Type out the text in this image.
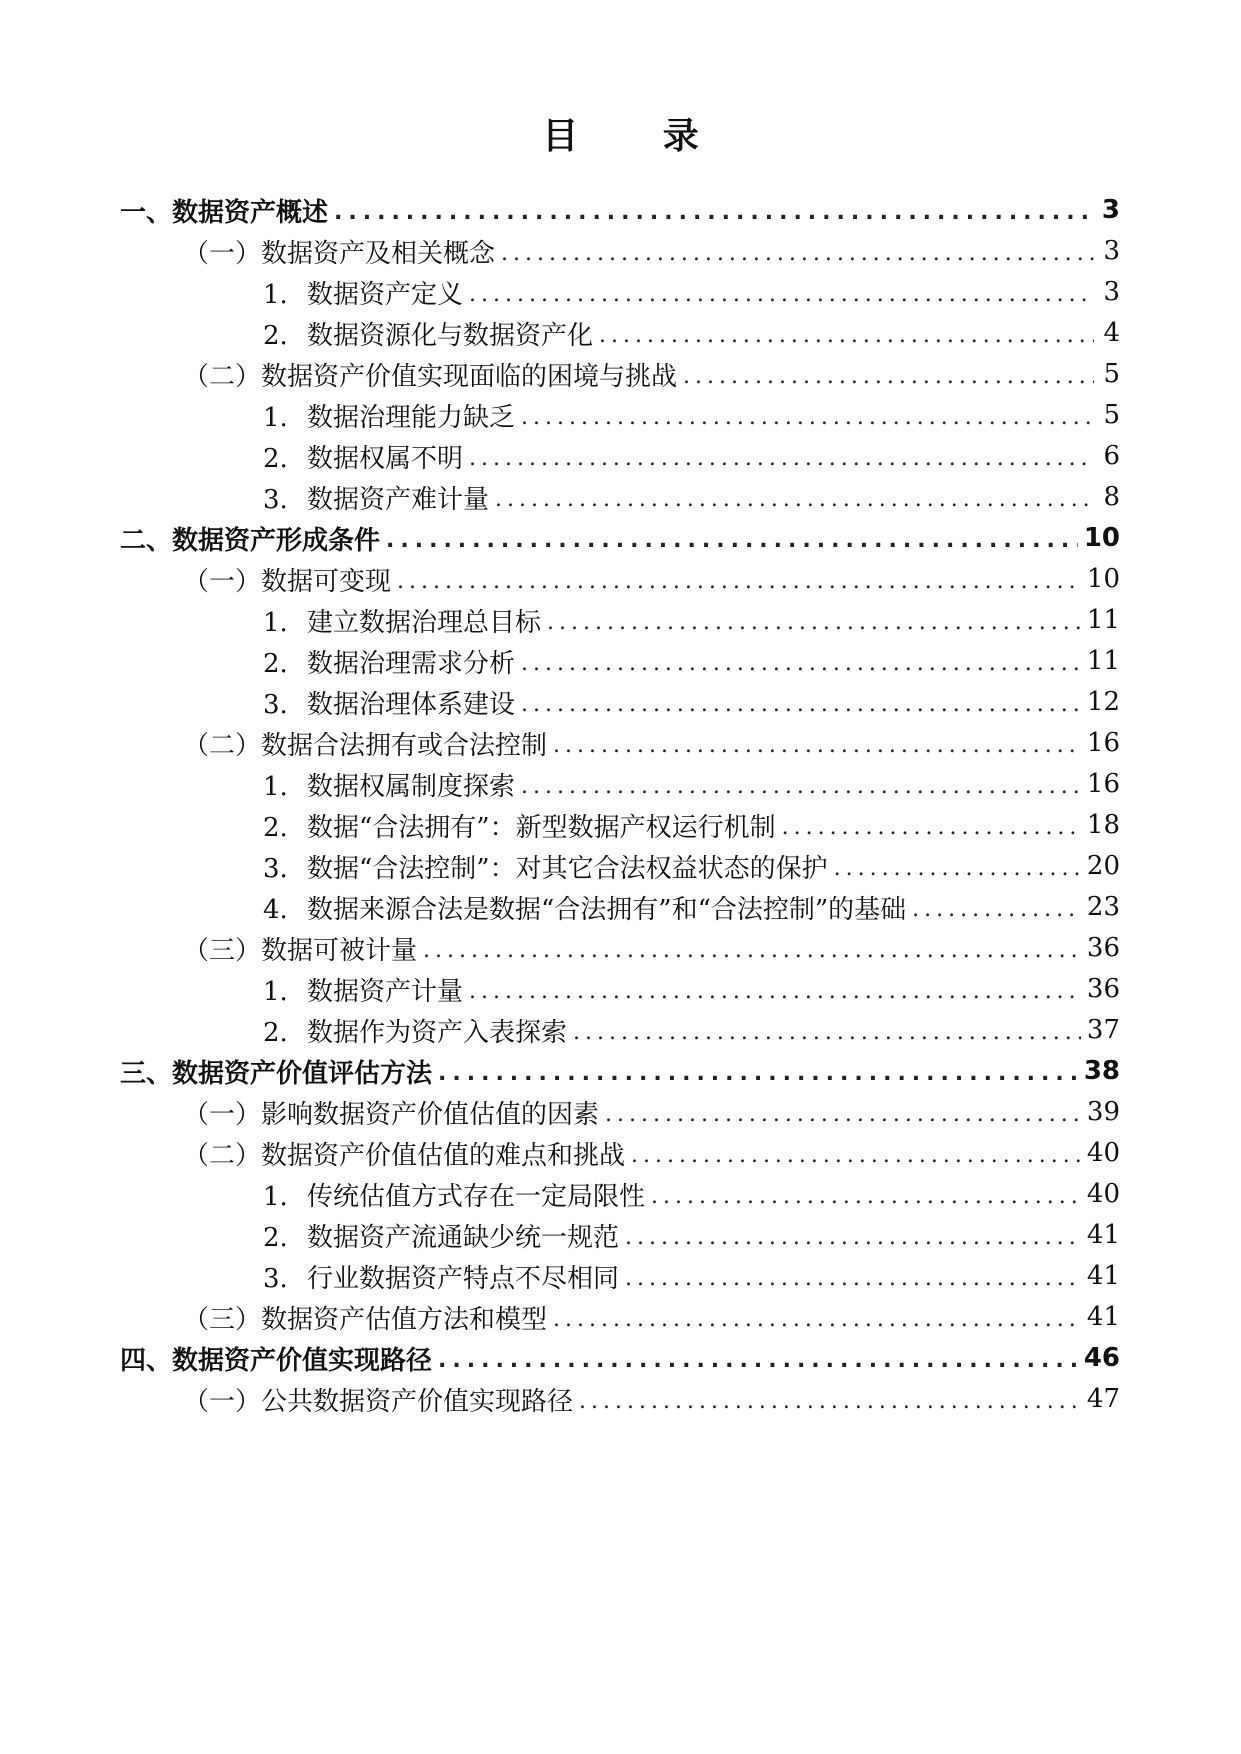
目 录
一、数据资产概述 .....	3
（一）数据资产及相关概念 .....	3
1. 数据资产定义 .....	3
2. 数据资源化与数据资产化 .....	4
（二）数据资产价值实现面临的困境与挑战 .....	5
1. 数据治理能力缺乏 .....	5
2. 数据权属不明 .....	6
3. 数据资产难计量 .....	8
二、数据资产形成条件 .....	10
（一）数据可变现 .....	10
1. 建立数据治理总目标 .....	11
2. 数据治理需求分析 .....	11
3. 数据治理体系建设 .....	12
（二）数据合法拥有或合法控制 .....	16
1. 数据权属制度探索 .....	16
2. 数据“合法拥有”：新型数据产权运行机制 .....	18
3. 数据“合法控制”：对其它合法权益状态的保护 .....	20
4. 数据来源合法是数据“合法拥有”和“合法控制”的基础 .....	23
（三）数据可被计量 .....	36
1. 数据资产计量 .....	36
2. 数据作为资产入表探索 .....	37
三、数据资产价值评估方法 .....	38
（一）影响数据资产价值估值的因素 .....	39
（二）数据资产价值估值的难点和挑战 .....	40
1. 传统估值方式存在一定局限性 .....	40
2. 数据资产流通缺少统一规范 .....	41
3. 行业数据资产特点不尽相同 .....	41
（三）数据资产估值方法和模型 .....	41
四、数据资产价值实现路径 .....	46
（一）公共数据资产价值实现路径 .....	47
